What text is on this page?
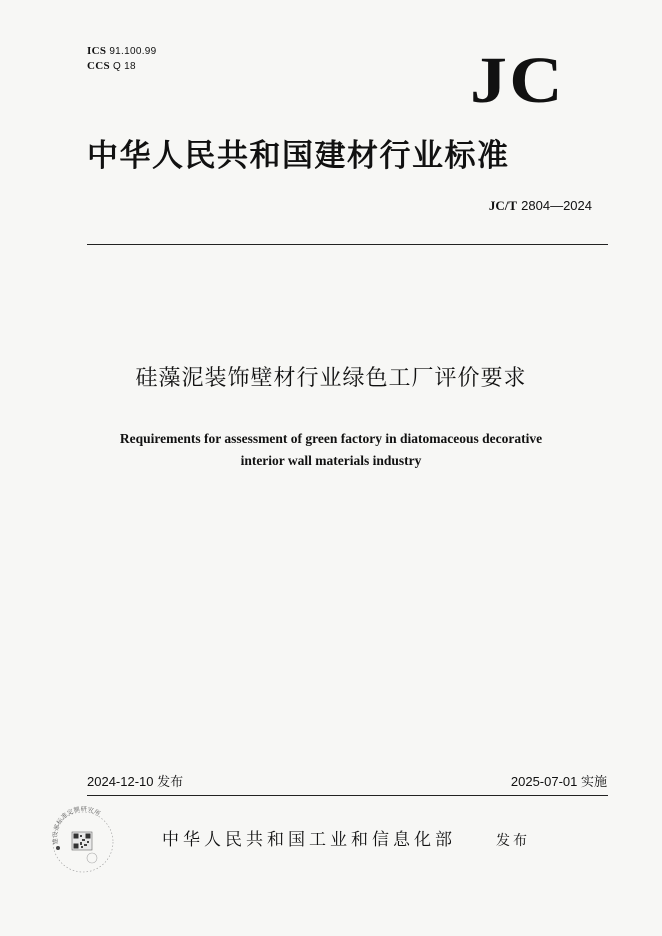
ICS 91.100.99
CCS Q 18	JC
中华人民共和国建材行业标准
JC/T 2804—2024
硅藻泥装饰壁材行业绿色工厂评价要求
Requirements for assessment of green factory in diatomaceous decorative
interior wall materials industry
2024-12-10 发布	2025-07-01 实施
建设部标准定额研究所
中华人民共和国工业和信息化部	发布
